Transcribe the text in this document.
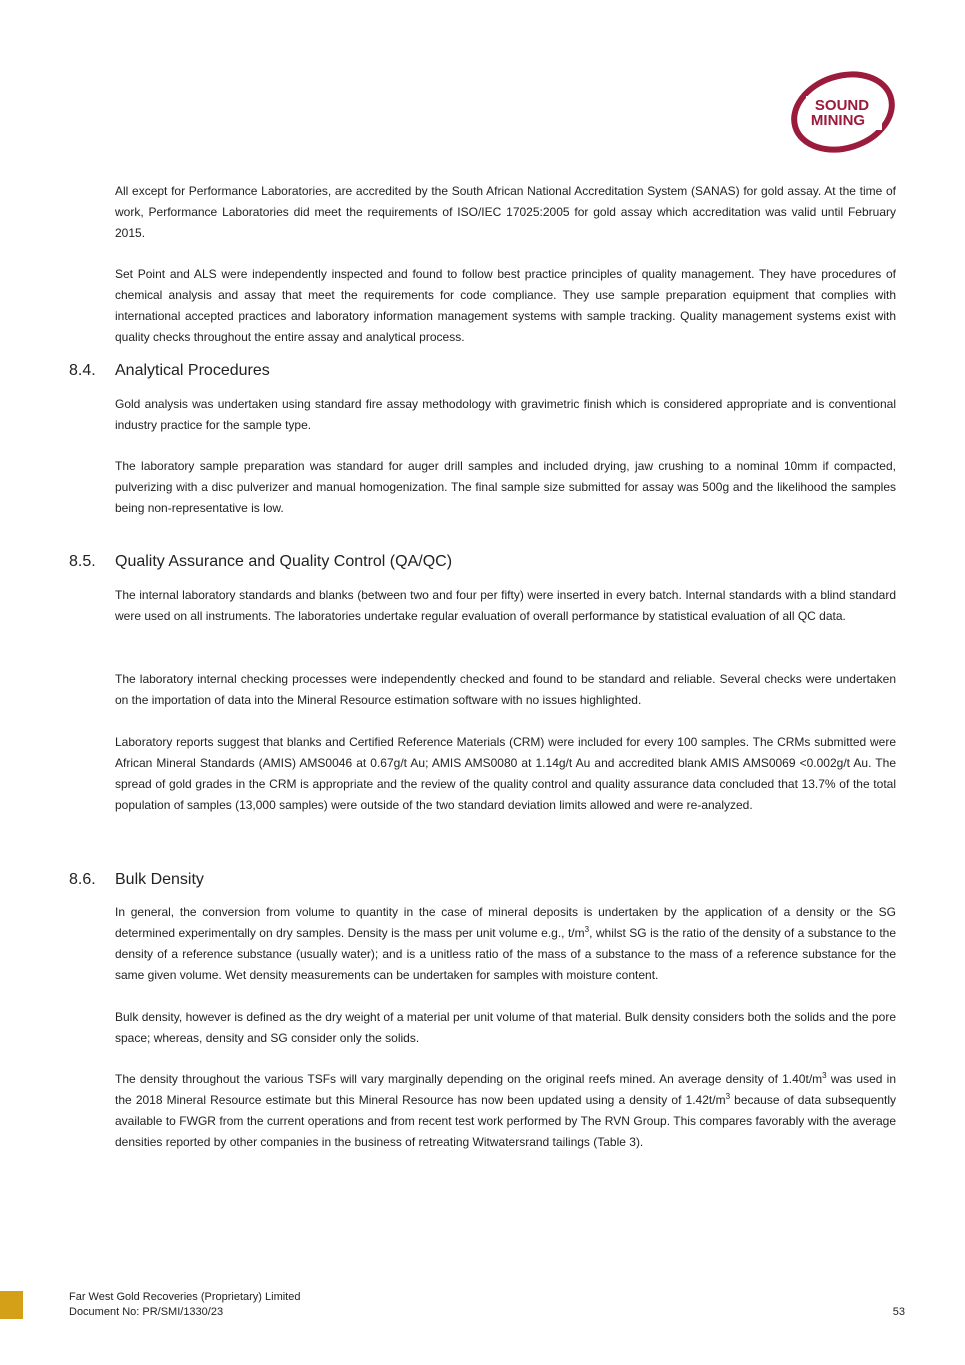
SOUND
MINING

All except for Performance Laboratories, are accredited by the South African National Accreditation System (SANAS) for gold assay. At the time of work, Performance Laboratories did meet the requirements of ISO/IEC 17025:2005 for gold assay which accreditation was valid until February 2015.

Set Point and ALS were independently inspected and found to follow best practice principles of quality management. They have procedures of chemical analysis and assay that meet the requirements for code compliance. They use sample preparation equipment that complies with international accepted practices and laboratory information management systems with sample tracking. Quality management systems exist with quality checks throughout the entire assay and analytical process.

8.4. Analytical Procedures

Gold analysis was undertaken using standard fire assay methodology with gravimetric finish which is considered appropriate and is conventional industry practice for the sample type.

The laboratory sample preparation was standard for auger drill samples and included drying, jaw crushing to a nominal 10mm if compacted, pulverizing with a disc pulverizer and manual homogenization. The final sample size submitted for assay was 500g and the likelihood the samples being non-representative is low.

8.5. Quality Assurance and Quality Control (QA/QC)

The internal laboratory standards and blanks (between two and four per fifty) were inserted in every batch. Internal standards with a blind standard were used on all instruments. The laboratories undertake regular evaluation of overall performance by statistical evaluation of all QC data.

The laboratory internal checking processes were independently checked and found to be standard and reliable. Several checks were undertaken on the importation of data into the Mineral Resource estimation software with no issues highlighted.

Laboratory reports suggest that blanks and Certified Reference Materials (CRM) were included for every 100 samples. The CRMs submitted were African Mineral Standards (AMIS) AMS0046 at 0.67g/t Au; AMIS AMS0080 at 1.14g/t Au and accredited blank AMIS AMS0069 <0.002g/t Au. The spread of gold grades in the CRM is appropriate and the review of the quality control and quality assurance data concluded that 13.7% of the total population of samples (13,000 samples) were outside of the two standard deviation limits allowed and were re-analyzed.

8.6. Bulk Density

In general, the conversion from volume to quantity in the case of mineral deposits is undertaken by the application of a density or the SG determined experimentally on dry samples. Density is the mass per unit volume e.g., $t/m^3$, whilst SG is the ratio of the density of a substance to the density of a reference substance (usually water); and is a unitless ratio of the mass of a substance to the mass of a reference substance for the same given volume. Wet density measurements can be undertaken for samples with moisture content.

Bulk density, however is defined as the dry weight of a material per unit volume of that material. Bulk density considers both the solids and the pore space; whereas, density and SG consider only the solids.

The density throughout the various TSFs will vary marginally depending on the original reefs mined. An average density of $1.40t/m^3$ was used in the 2018 Mineral Resource estimate but this Mineral Resource has now been updated using a density of $1.42t/m^3$ because of data subsequently available to FWGR from the current operations and from recent test work performed by The RVN Group. This compares favorably with the average densities reported by other companies in the business of retreating Witwatersrand tailings (Table 3).

Far West Gold Recoveries (Proprietary) Limited
Document No: PR/SMI/1330/23	53
